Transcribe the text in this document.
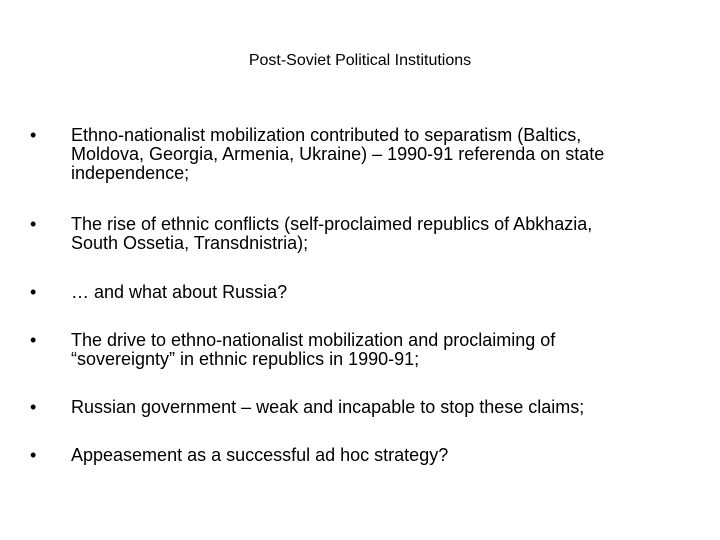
Post-Soviet Political Institutions
•	Ethno-nationalist mobilization contributed to separatism (Baltics,
Moldova, Georgia, Armenia, Ukraine) – 1990-91 referenda on state
independence;
•	The rise of ethnic conflicts (self-proclaimed republics of Abkhazia,
South Ossetia, Transdnistria);
•	… and what about Russia?
•	The drive to ethno-nationalist mobilization and proclaiming of
“sovereignty” in ethnic republics in 1990-91;
•	Russian government – weak and incapable to stop these claims;
•	Appeasement as a successful ad hoc strategy?
